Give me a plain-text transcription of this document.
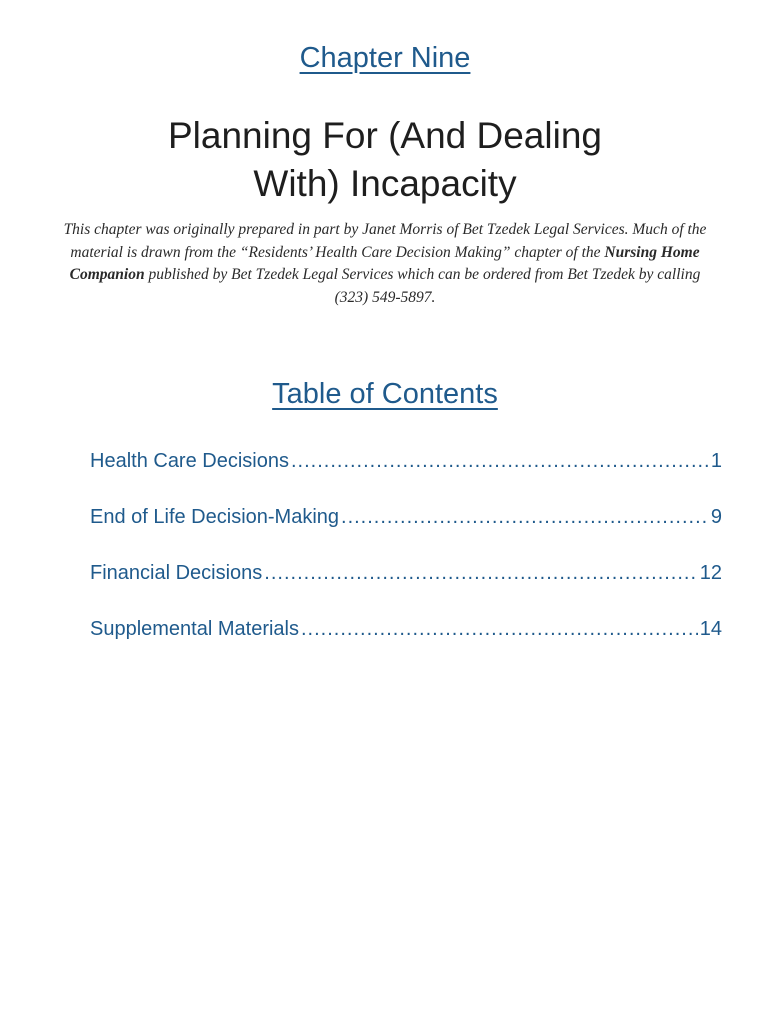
Chapter Nine
Planning For (And Dealing
With) Incapacity

This chapter was originally prepared in part by Janet Morris of Bet Tzedek Legal Services. Much of the material is drawn from the “Residents’ Health Care Decision Making” chapter of the Nursing Home Companion published by Bet Tzedek Legal Services which can be ordered from Bet Tzedek by calling (323) 549-5897.

Table of Contents
Health Care Decisions .....	1
End of Life Decision-Making .....	9
Financial Decisions .....	12
Supplemental Materials .....	14
